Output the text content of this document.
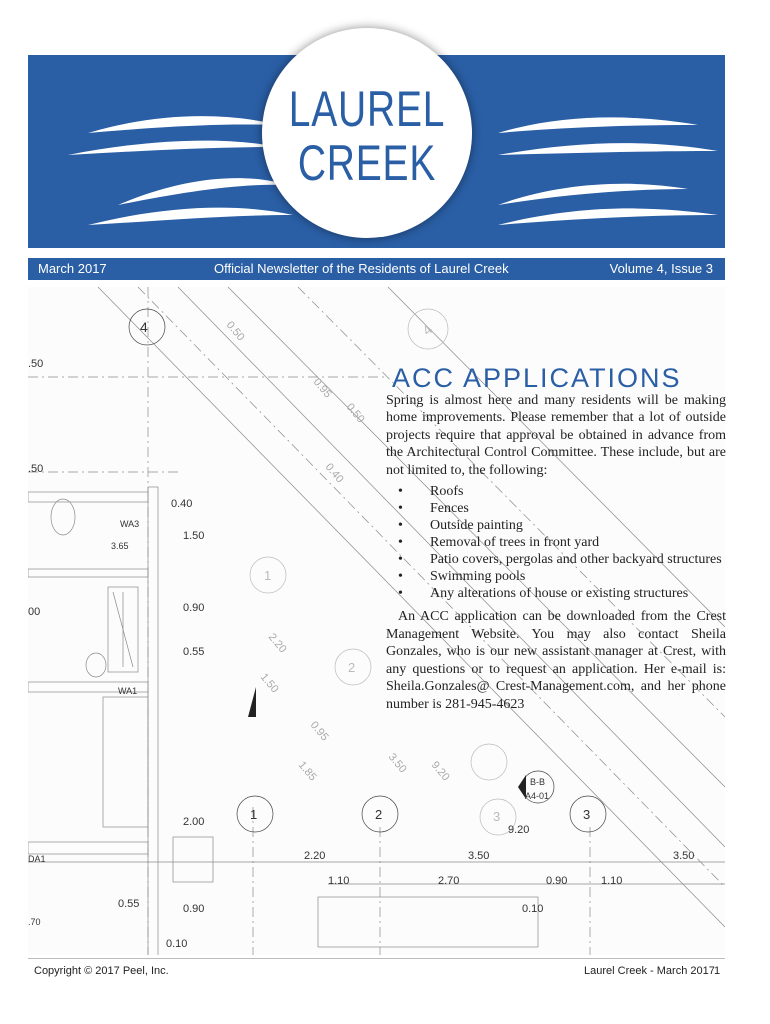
LAUREL
CREEK
March 2017	Official Newsletter of the Residents of Laurel Creek	Volume 4, Issue 3
4	4
.50
.50
0.40
1.50
WA3
3.65
0.90
00
0.55
WA1
2.00	1	2	3
2
1
9.20
2.20	3.50	3.50
1.10	2.70	0.90	1.10
0.55	0.90	0.10
0.10
B-B
A4-01
DA1
.70
0.50
0.95
1.85	3.50 9.20
2.20
1.50
0.95
0.40
0.50
3
ACC APPLICATIONS

Spring is almost here and many residents will be making home improvements. Please remember that a lot of outside projects require that approval be obtained in advance from the Architectural Control Committee. These include, but are not limited to, the following:

• Roofs
• Fences
• Outside painting
• Removal of trees in front yard
• Patio covers, pergolas and other backyard structures
• Swimming pools
• Any alterations of house or existing structures

An ACC application can be downloaded from the Crest Management Website. You may also contact Sheila Gonzales, who is our new assistant manager at Crest, with any questions or to request an application. Her e-mail is: Sheila.Gonzales@ Crest-Management.com, and her phone number is 281-945-4623

Copyright © 2017 Peel, Inc.	Laurel Creek - March 2017 1
